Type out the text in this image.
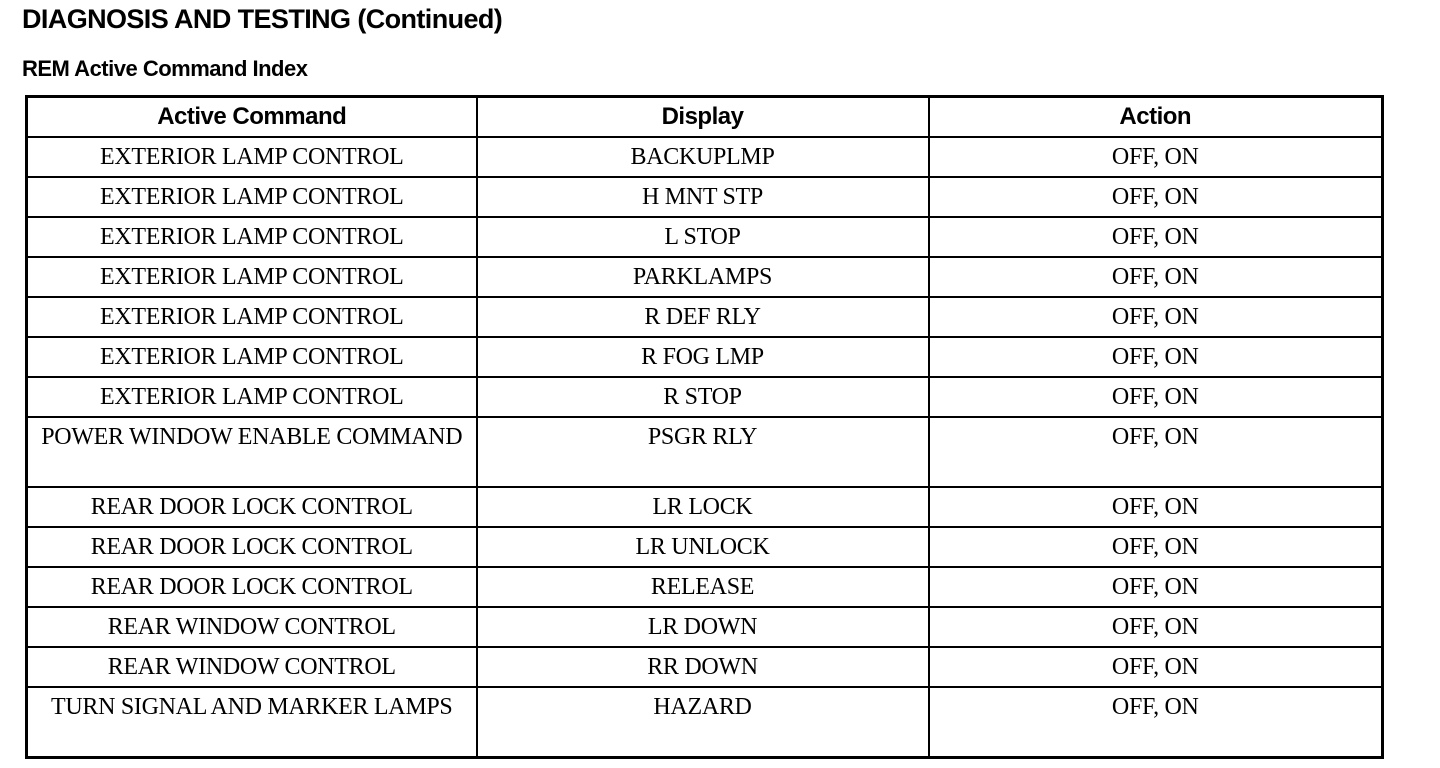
DIAGNOSIS AND TESTING (Continued)
REM Active Command Index
Active Command	Display	Action
EXTERIOR LAMP CONTROL	BACKUPLMP	OFF, ON
EXTERIOR LAMP CONTROL	H MNT STP	OFF, ON
EXTERIOR LAMP CONTROL	L STOP	OFF, ON
EXTERIOR LAMP CONTROL	PARKLAMPS	OFF, ON
EXTERIOR LAMP CONTROL	R DEF RLY	OFF, ON
EXTERIOR LAMP CONTROL	R FOG LMP	OFF, ON
EXTERIOR LAMP CONTROL	R STOP	OFF, ON
POWER WINDOW ENABLE COMMAND	PSGR RLY	OFF, ON
REAR DOOR LOCK CONTROL	LR LOCK	OFF, ON
REAR DOOR LOCK CONTROL	LR UNLOCK	OFF, ON
REAR DOOR LOCK CONTROL	RELEASE	OFF, ON
REAR WINDOW CONTROL	LR DOWN	OFF, ON
REAR WINDOW CONTROL	RR DOWN	OFF, ON
TURN SIGNAL AND MARKER LAMPS	HAZARD	OFF, ON
